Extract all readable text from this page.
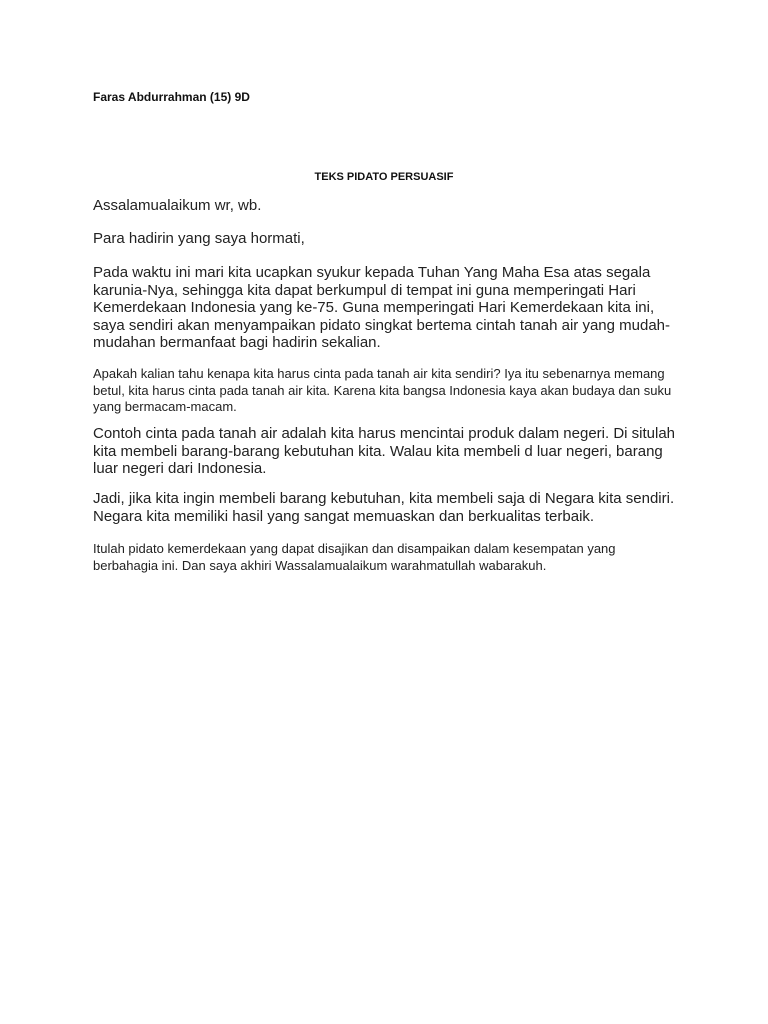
Faras Abdurrahman (15) 9D
TEKS PIDATO PERSUASIF

Assalamualaikum wr, wb.

Para hadirin yang saya hormati,

Pada waktu ini mari kita ucapkan syukur kepada Tuhan Yang Maha Esa atas segala karunia-Nya, sehingga kita dapat berkumpul di tempat ini guna memperingati Hari Kemerdekaan Indonesia yang ke-75. Guna memperingati Hari Kemerdekaan kita ini, saya sendiri akan menyampaikan pidato singkat bertema cintah tanah air yang mudah-mudahan bermanfaat bagi hadirin sekalian.

Apakah kalian tahu kenapa kita harus cinta pada tanah air kita sendiri? Iya itu sebenarnya memang betul, kita harus cinta pada tanah air kita. Karena kita bangsa Indonesia kaya akan budaya dan suku yang bermacam-macam.

Contoh cinta pada tanah air adalah kita harus mencintai produk dalam negeri. Di situlah kita membeli barang-barang kebutuhan kita. Walau kita membeli d luar negeri, barang luar negeri dari Indonesia.

Jadi, jika kita ingin membeli barang kebutuhan, kita membeli saja di Negara kita sendiri. Negara kita memiliki hasil yang sangat memuaskan dan berkualitas terbaik.

Itulah pidato kemerdekaan yang dapat disajikan dan disampaikan dalam kesempatan yang berbahagia ini. Dan saya akhiri Wassalamualaikum warahmatullah wabarakuh.
